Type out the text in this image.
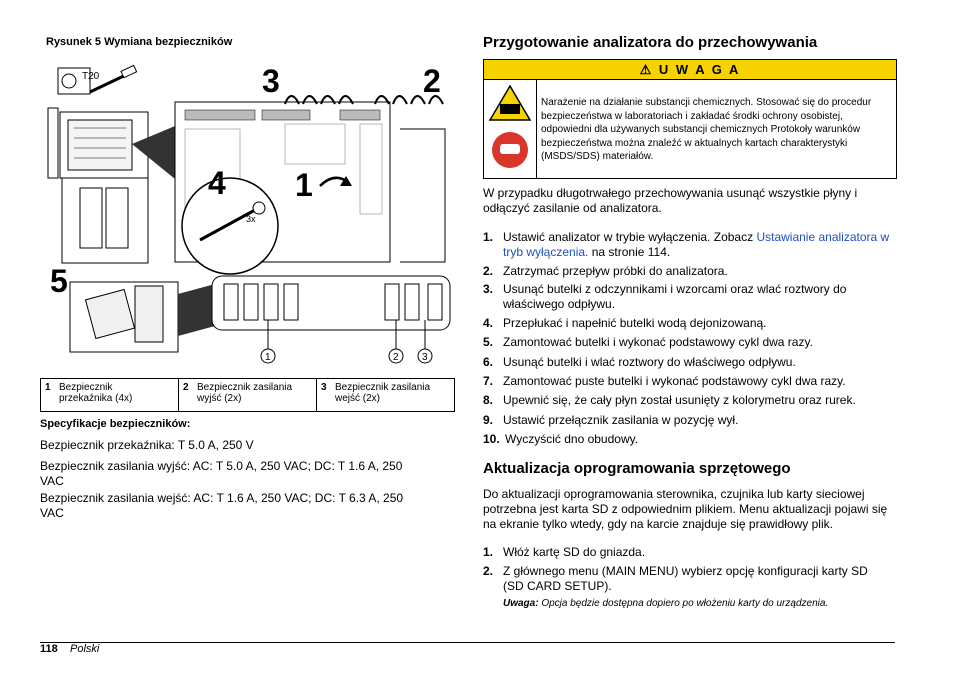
Rysunek 5 Wymiana bezpieczników
T20	3	2
3x
4 1
5
1	2 3
1 Bezpiecznik przekaźnika (4x)	2 Bezpiecznik zasilania wyjść (2x)	3 Bezpiecznik zasilania wejść (2x)
Specyfikacje bezpieczników:
Bezpiecznik przekaźnika: T 5.0 A, 250 V
Bezpiecznik zasilania wyjść: AC: T 5.0 A, 250 VAC; DC: T 1.6 A, 250 VAC
Bezpiecznik zasilania wejść: AC: T 1.6 A, 250 VAC; DC: T 6.3 A, 250 VAC
Przygotowanie analizatora do przechowywania
⚠ U W A G A
Narażenie na działanie substancji chemicznych. Stosować się do procedur bezpieczeństwa w laboratoriach i zakładać środki ochrony osobistej, odpowiedni dla używanych substancji chemicznych Protokoły warunków bezpieczeństwa można znaleźć w aktualnych kartach charakterystyki (MSDS/SDS) materiałów.
W przypadku długotrwałego przechowywania usunąć wszystkie płyny i odłączyć zasilanie od analizatora.
1. Ustawić analizator w trybie wyłączenia. Zobacz Ustawianie analizatora w tryb wyłączenia. na stronie 114.
2. Zatrzymać przepływ próbki do analizatora.
3. Usunąć butelki z odczynnikami i wzorcami oraz wlać roztwory do właściwego odpływu.
4. Przepłukać i napełnić butelki wodą dejonizowaną.
5. Zamontować butelki i wykonać podstawowy cykl dwa razy.
6. Usunąć butelki i wlać roztwory do właściwego odpływu.
7. Zamontować puste butelki i wykonać podstawowy cykl dwa razy.
8. Upewnić się, że cały płyn został usunięty z kolorymetru oraz rurek.
9. Ustawić przełącznik zasilania w pozycję wył.
10. Wyczyścić dno obudowy.
Aktualizacja oprogramowania sprzętowego
Do aktualizacji oprogramowania sterownika, czujnika lub karty sieciowej potrzebna jest karta SD z odpowiednim plikiem. Menu aktualizacji pojawi się na ekranie tylko wtedy, gdy na karcie znajduje się prawidłowy plik.
1. Włóż kartę SD do gniazda.
2. Z głównego menu (MAIN MENU) wybierz opcję konfiguracji karty SD (SD CARD SETUP).
Uwaga: Opcja będzie dostępna dopiero po włożeniu karty do urządzenia.
118 Polski
